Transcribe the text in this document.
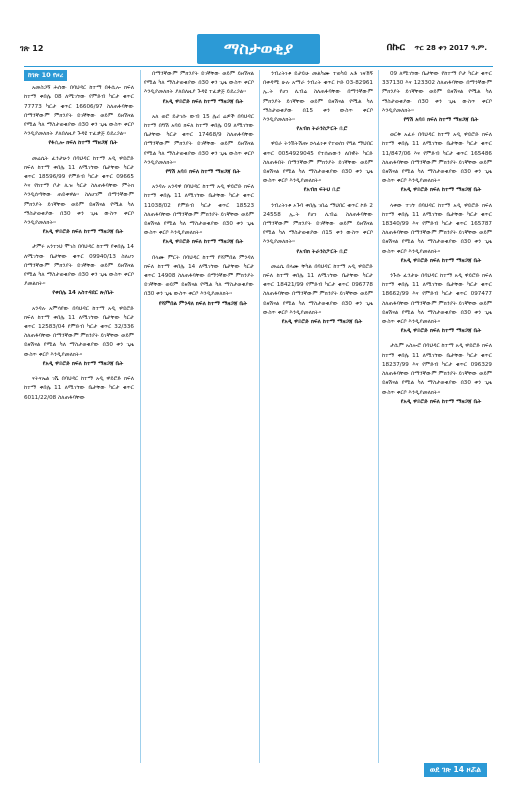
ገጽ 12	ማስታወቂያ	በኩር ጥር 28 ቀን 2017 ዓ.ም.
ከገጽ 10 የዞረ

አመስጋኝ ሕሰው በባህዳር ከተማ በፋሲሎ ክፍለ ከተማ ቀበሌ 08 ለሚገኘው የምድብ ካርታ ቁጥር 77773 ካርታ ቁጥር 16606/97 ስለጠፋባቸው በማንኛውም ምክንያት ይገኛቸው ወይም ይዘሽናል የሚል ካለ ማስታወቂያው በ30 ቀን ጊዜ ውስጥ ቀርቦ እንዲያመለክት ያለበለዚያ ጉዳዩ ተፈቃጅ ይደረጋል፡፡

የፋሲሎ ክፍለ ከተማ ማዘጋጃ ቤት

መሬሴት ፈንታሁን በባህዳር ከተማ አዲ ዋይሮድ ክፍለ ከተማ ቀበሌ 11 ለሚገኘው ቤታቸው ካርታ ቁጥር 18596/99 የምድብ ካርታ ቁጥር 09665 እና የከተማ ቦታ ሊዝ ካርታ ስለጠፋባቸው ምትክ እንዲሰጣቸው ጠይቀዋል፡፡ ስለሆነም በማንኛውም ምክንያት ይገኛቸው ወይም ይዘሽናል የሚል ካለ ማስታወቂያው በ30 ቀን ጊዜ ውስጥ ቀርቦ እንዲያመለክት፡፡

የአዲ ዋይሮድ ክፍለ ከተማ ማዘጋጃ ቤት

ታምሩ አንተነህ ሞገስ በባህዳር ከተማ የቀበሌ 14 ለሚገኘው ቤታቸው ቁጥር 09940/13 ስለሆነ በማንኛውም ምክንያት ይገኛቸው ወይም ይዘሽናል የሚል ካለ ማስታወቂያው በ30 ቀን ጊዜ ውስጥ ቀርቦ ያመልክት፡፡

የቀበሌ 14 አስተዳደር ጽ/ቤት

አንዳሉ አምሳየው በባህዳር ከተማ አዲ ዋይሮድ ክፍለ ከተማ ቀበሌ 11 ለሚገኘው ቤታቸው ካርታ ቁጥር 12583/04 የምድብ ካርታ ቁጥር 32/336 ስለጠፋባቸው በማንኛውም ምክንያት ይገኛቸው ወይም ይዘሽናል የሚል ካለ ማስታወቂያው በ30 ቀን ጊዜ ውስጥ ቀርቦ እንዲያመለክት፡፡

የአዲ ዋይሮድ ክፍለ ከተማ ማዘጋጃ ቤት

ናትናኤል ገሼ በባህዳር ከተማ አዲ ዋይሮድ ክፍለ ከተማ ቀበሌ 11 ለሚገኘው ቤታቸው ካርታ ቁጥር 6011/22/08 ስለጠፋባቸው

በማንኛውም ምክንያት ይገኛቸው ወይም ይዘሽናል የሚል ካለ ማስታወቂያው በ30 ቀን ጊዜ ውስጥ ቀርቦ እንዲያመለክት ያለበለዚያ ጉዳዩ ተፈቃጅ ይደረጋል፡፡

የአዲ ዋይሮድ ክፍለ ከተማ ማዘጋጃ ቤት

አለ ወሮ ይታገሱ ውብ 15 ሌሪ ሬዎች በባህዳር ከተማ በግሽ አባይ ክፍለ ከተማ ቀበሌ 09 ለሚገኘው ቤታቸው ካርታ ቁጥር 17468/9 ስለጠፋባቸው በማንኛውም ምክንያት ይገኛቸው ወይም ይዘሽናል የሚል ካለ ማስታወቂያው በ30 ቀን ጊዜ ውስጥ ቀርቦ እንዲያመለክት፡፡

የግሽ አባይ ክፍለ ከተማ ማዘጋጃ ቤት

አንዳሉ አንዳዋ በባህዳር ከተማ አዲ ዋይሮድ ክፍለ ከተማ ቀበሌ 11 ለሚገኘው ቤታቸው ካርታ ቁጥር 11038/02 የምድብ ካርታ ቁጥር 18523 ስለጠፋባቸው በማንኛውም ምክንያት ይገኛቸው ወይም ይዘሽናል የሚል ካለ ማስታወቂያው በ30 ቀን ጊዜ ውስጥ ቀርቦ እንዲያመለክት፡፡

የአዲ ዋይሮድ ክፍለ ከተማ ማዘጋጃ ቤት

በላሙ ምርት በባህዳር ከተማ የሻምበል ምንዳለ ክፍለ ከተማ ቀበሌ 14 ለሚገኘው ቤታቸው ካርታ ቁጥር 14908 ስለጠፋባቸው በማንኛውም ምክንያት ይገኛቸው ወይም ይዘሽናል የሚል ካለ ማስታወቂያው በ30 ቀን ጊዜ ውስጥ ቀርቦ እንዲያመለክት፡፡

የሻምበል ምንዳለ ክፍለ ከተማ ማዘጋጃ ቤት

ንብረትነቱ ይታይሁ መልካሙ ተወካይ አቶ ገዛኸኝ በቀዳሚ ሁሉ አማራ ንብረት ቁጥር ኮድ 03-82961 ኢ.ት የሆነ ሊብሬ ስለጠፋባቸው በማንኛውም ምክንያት ይገኛቸው ወይም ይዘሽናል የሚል ካለ ማስታወቂያው በ15 ቀን ውስጥ ቀርቦ እንዲያመለክት፡፡

የአብክ ትራንስፖርት ቢሮ

ዋይራ ትንሽትሽጡ ኃላፊነቱ የተወሰነ የግል ማህበር ቁጥር 0054929045 የተሰጠውን ለበዊት ካርድ ስለጠፋበት በማንኛውም ምክንያት ይገኛቸው ወይም ይዘሽናል የሚል ካለ ማስታወቂያው በ30 ቀን ጊዜ ውስጥ ቀርቦ እንዲያመለክት፡፡

የአብክ ፍትህ ቢሮ

ንብረትነቱ ኦጉባ ቀበሌ ገበሬ ማህበር ቁጥር ኮድ 2 24558 ኢ.ት የሆነ ሊብሬ ስለጠፋባቸው በማንኛውም ምክንያት ይገኛቸው ወይም ይዘሽናል የሚል ካለ ማስታወቂያው በ15 ቀን ውስጥ ቀርቦ እንዲያመለክት፡፡

የአብክ ትራንስፖርት ቢሮ

መሬሴ በላሙ ቸካል በባህዳር ከተማ አዲ ዋይሮድ ክፍለ ከተማ ቀበሌ 11 ለሚገኘው ቤታቸው ካርታ ቁጥር 18421/99 የምድብ ካርታ ቁጥር 096778 ስለጠፋባቸው በማንኛውም ምክንያት ይገኛቸው ወይም ይዘሽናል የሚል ካለ ማስታወቂያው በ30 ቀን ጊዜ ውስጥ ቀርቦ እንዲያመለክት፡፡

የአዲ ዋይሮድ ክፍለ ከተማ ማዘጋጃ ቤት

09 ለሚገኘው ቤታቸው የከተማ ቦታ ካርታ ቁጥር 337130 እና 123302 ስለጠፋባቸው በማንኛውም ምክንያት ይገኛቸው ወይም ይዘሽናል የሚል ካለ ማስታወቂያው በ30 ቀን ጊዜ ውስጥ ቀርቦ እንዲያመለክት፡፡

የግሽ አባይ ክፍለ ከተማ ማዘጋጃ ቤት

ወርቅ አፈሩ በባህዳር ከተማ አዲ ዋይሮድ ክፍለ ከተማ ቀበሌ 11 ለሚገኘው ቤታቸው ካርታ ቁጥር 11/847/06 እና የምድብ ካርታ ቁጥር 165486 ስለጠፋባቸው በማንኛውም ምክንያት ይገኛቸው ወይም ይዘሽናል የሚል ካለ ማስታወቂያው በ30 ቀን ጊዜ ውስጥ ቀርቦ እንዲያመለክት፡፡

የአዲ ዋይሮድ ክፍለ ከተማ ማዘጋጃ ቤት

ላቀው ተገኘ በባህዳር ከተማ አዲ ዋይሮድ ክፍለ ከተማ ቀበሌ 11 ለሚገኘው ቤታቸው ካርታ ቁጥር 18340/99 እና የምድብ ካርታ ቁጥር 165787 ስለጠፋባቸው በማንኛውም ምክንያት ይገኛቸው ወይም ይዘሽናል የሚል ካለ ማስታወቂያው በ30 ቀን ጊዜ ውስጥ ቀርቦ እንዲያመለክት፡፡

የአዲ ዋይሮድ ክፍለ ከተማ ማዘጋጃ ቤት

ንጉሱ ፈንታሁ በባህዳር ከተማ አዲ ዋይሮድ ክፍለ ከተማ ቀበሌ 11 ለሚገኘው ቤታቸው ካርታ ቁጥር 18662/99 እና የምድብ ካርታ ቁጥር 097477 ስለጠፋባቸው በማንኛውም ምክንያት ይገኛቸው ወይም ይዘሽናል የሚል ካለ ማስታወቂያው በ30 ቀን ጊዜ ውስጥ ቀርቦ እንዲያመለክት፡፡

የአዲ ዋይሮድ ክፍለ ከተማ ማዘጋጃ ቤት

ታሲም አስሎሮ በባህዳር ከተማ አዲ ዋይሮድ ክፍለ ከተማ ቀበሌ 11 ለሚገኘው ቤታቸው ካርታ ቁጥር 18237/99 እና የምድብ ካርታ ቁጥር 096329 ስለጠፋባቸው በማንኛውም ምክንያት ይገኛቸው ወይም ይዘሽናል የሚል ካለ ማስታወቂያው በ30 ቀን ጊዜ ውስጥ ቀርቦ እንዲያመለክት፡፡

የአዲ ዋይሮድ ክፍለ ከተማ ማዘጋጃ ቤት

ወደ ገጽ 14 ዞሯል
